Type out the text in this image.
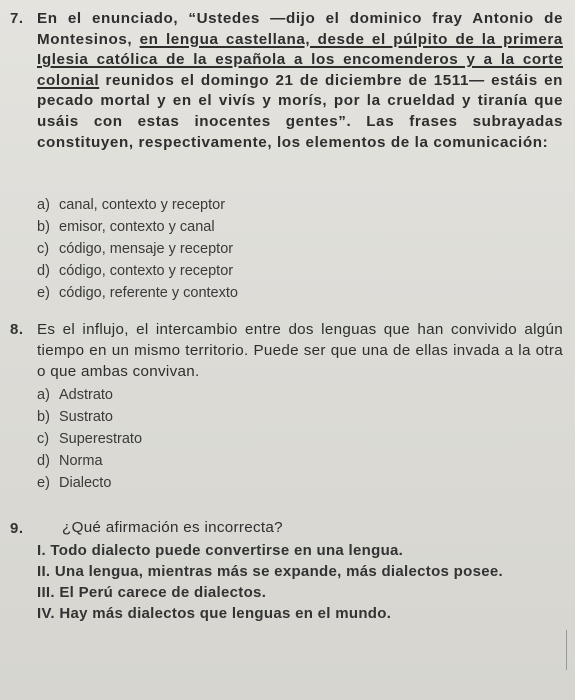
7. En el enunciado, “Ustedes —dijo el dominico fray Antonio de Montesinos, en lengua castellana, desde el púlpito de la primera Iglesia católica de la española a los encomenderos y a la corte colonial reunidos el domingo 21 de diciembre de 1511— estáis en pecado mortal y en el vivís y morís, por la crueldad y tiranía que usáis con estas inocentes gentes”. Las frases subrayadas constituyen, respectivamente, los elementos de la comunicación:
a) canal, contexto y receptor
b) emisor, contexto y canal
c) código, mensaje y receptor
d) código, contexto y receptor
e) código, referente y contexto
8. Es el influjo, el intercambio entre dos lenguas que han convivido algún tiempo en un mismo territorio. Puede ser que una de ellas invada a la otra o que ambas convivan.
a) Adstrato
b) Sustrato
c) Superestrato
d) Norma
e) Dialecto
9.	¿Qué afirmación es incorrecta?
I. Todo dialecto puede convertirse en una lengua.
II. Una lengua, mientras más se expande, más dialectos posee.
III. El Perú carece de dialectos.
IV. Hay más dialectos que lenguas en el mundo.
